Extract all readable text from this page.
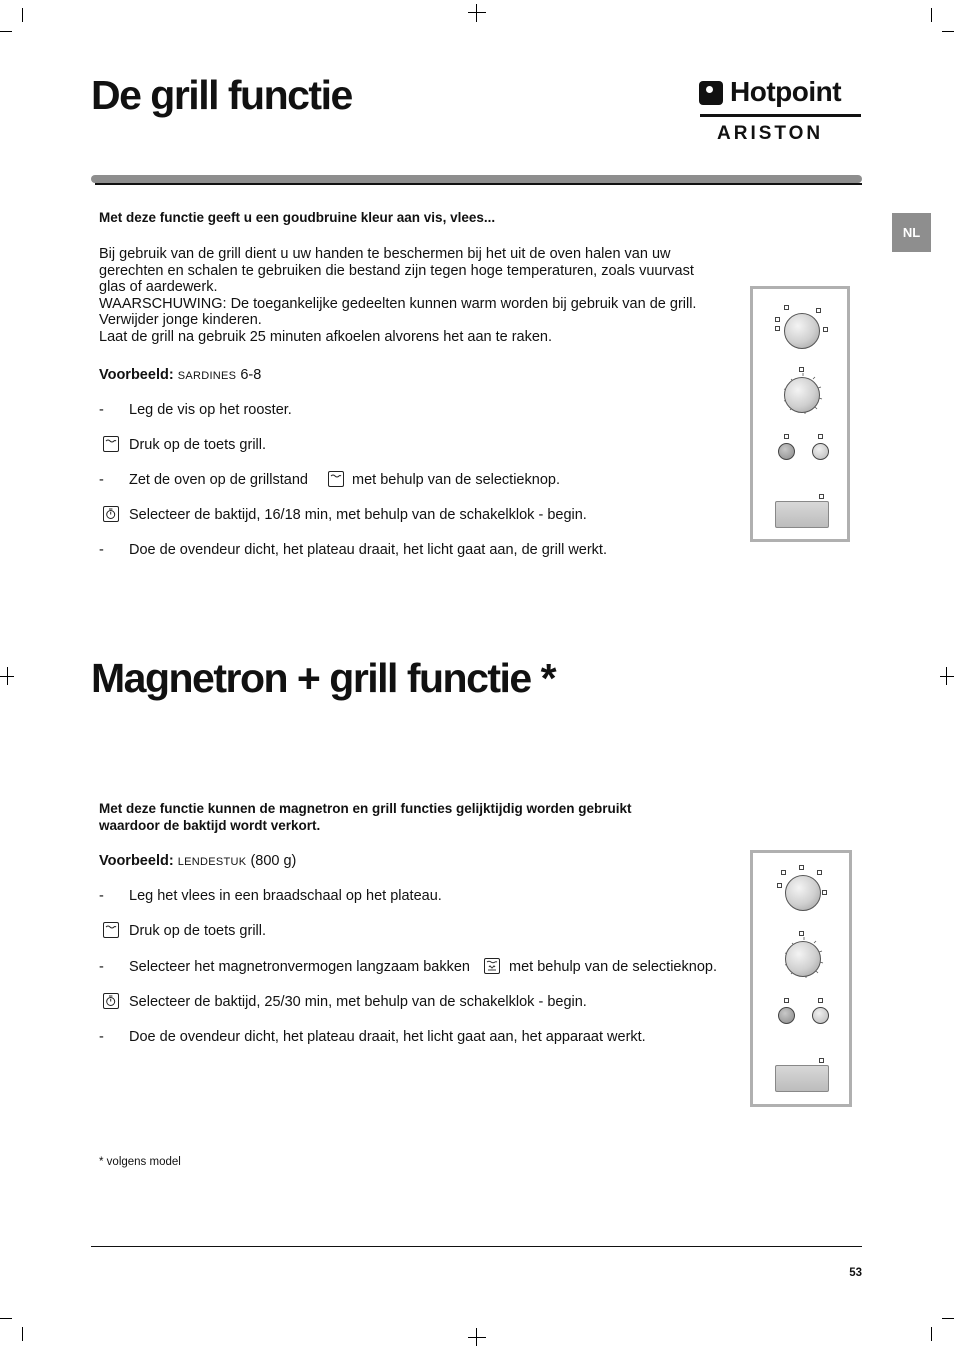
De grill functie	Hotpoint
ARISTON
NL
Met deze functie geeft u een goudbruine kleur aan vis, vlees...
Bij gebruik van de grill dient u uw handen te beschermen bij het uit de oven halen van uw
gerechten en schalen te gebruiken die bestand zijn tegen hoge temperaturen, zoals vuurvast
glas of aardewerk.
WAARSCHUWING: De toegankelijke gedeelten kunnen warm worden bij gebruik van de grill.
Verwijder jonge kinderen.
Laat de grill na gebruik 25 minuten afkoelen alvorens het aan te raken.
Voorbeeld: SARDINES 6-8
- Leg de vis op het rooster.
Druk op de toets grill.
- Zet de oven op de grillstand	met behulp van de selectieknop.
Selecteer de baktijd, 16/18 min, met behulp van de schakelklok - begin.
- Doe de ovendeur dicht, het plateau draait, het licht gaat aan, de grill werkt.
Magnetron + grill functie *
Met deze functie kunnen de magnetron en grill functies gelijktijdig worden gebruikt
waardoor de baktijd wordt verkort.
Voorbeeld: LENDESTUK (800 g)
- Leg het vlees in een braadschaal op het plateau.
Druk op de toets grill.
- Selecteer het magnetronvermogen langzaam bakken	met behulp van de selectieknop.
Selecteer de baktijd, 25/30 min, met behulp van de schakelklok - begin.
- Doe de ovendeur dicht, het plateau draait, het licht gaat aan, het apparaat werkt.
* volgens model
53
